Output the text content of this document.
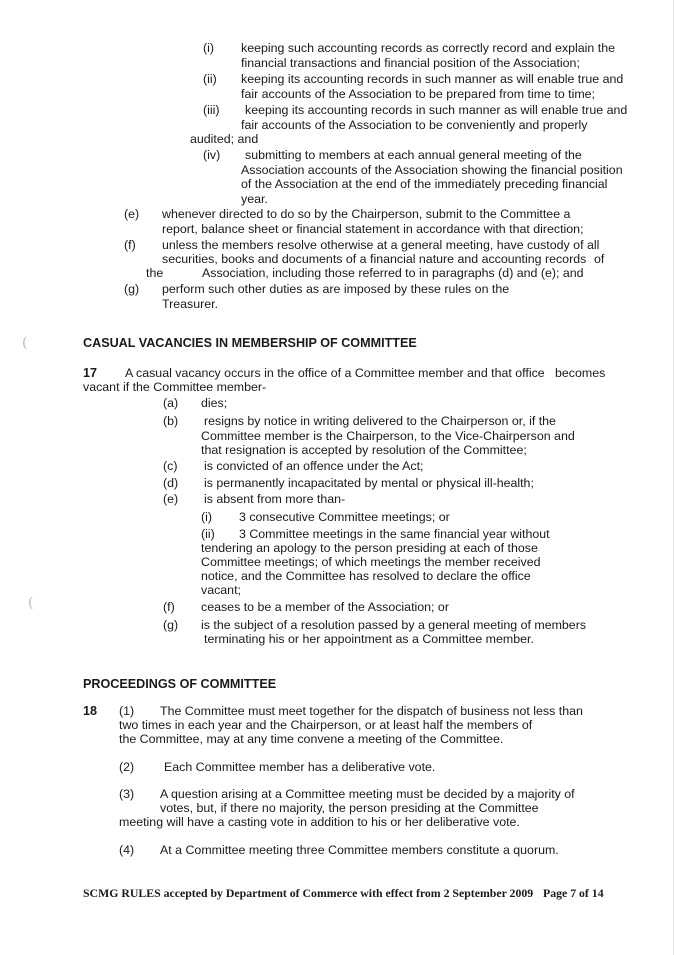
(
(
(i) keeping such accounting records as correctly record and explain the
financial transactions and financial position of the Association;
(ii) keeping its accounting records in such manner as will enable true and
fair accounts of the Association to be prepared from time to time;
(iii) keeping its accounting records in such manner as will enable true and
fair accounts of the Association to be conveniently and properly
audited; and
(iv) submitting to members at each annual general meeting of the
Association accounts of the Association showing the financial position
of the Association at the end of the immediately preceding financial
year.
(e) whenever directed to do so by the Chairperson, submit to the Committee a
report, balance sheet or financial statement in accordance with that direction;
(f) unless the members resolve otherwise at a general meeting, have custody of all
securities, books and documents of a financial nature and accounting records of
the	Association, including those referred to in paragraphs (d) and (e); and
(g) perform such other duties as are imposed by these rules on the
Treasurer.
CASUAL VACANCIES IN MEMBERSHIP OF COMMITTEE
17 A casual vacancy occurs in the office of a Committee member and that office becomes
vacant if the Committee member-
(a) dies;
(b) resigns by notice in writing delivered to the Chairperson or, if the
Committee member is the Chairperson, to the Vice-Chairperson and
that resignation is accepted by resolution of the Committee;
(c) is convicted of an offence under the Act;
(d) is permanently incapacitated by mental or physical ill-health;
(e) is absent from more than-
(i) 3 consecutive Committee meetings; or
(ii) 3 Committee meetings in the same financial year without
tendering an apology to the person presiding at each of those
Committee meetings; of which meetings the member received
notice, and the Committee has resolved to declare the office
vacant;
(f) ceases to be a member of the Association; or
(g) is the subject of a resolution passed by a general meeting of members
terminating his or her appointment as a Committee member.
PROCEEDINGS OF COMMITTEE
18 (1) The Committee must meet together for the dispatch of business not less than
two times in each year and the Chairperson, or at least half the members of
the Committee, may at any time convene a meeting of the Committee.
(2) Each Committee member has a deliberative vote.
(3) A question arising at a Committee meeting must be decided by a majority of
votes, but, if there no majority, the person presiding at the Committee
meeting will have a casting vote in addition to his or her deliberative vote.
(4) At a Committee meeting three Committee members constitute a quorum.
SCMG RULES accepted by Department of Commerce with effect from 2 September 2009 Page 7 of 14
